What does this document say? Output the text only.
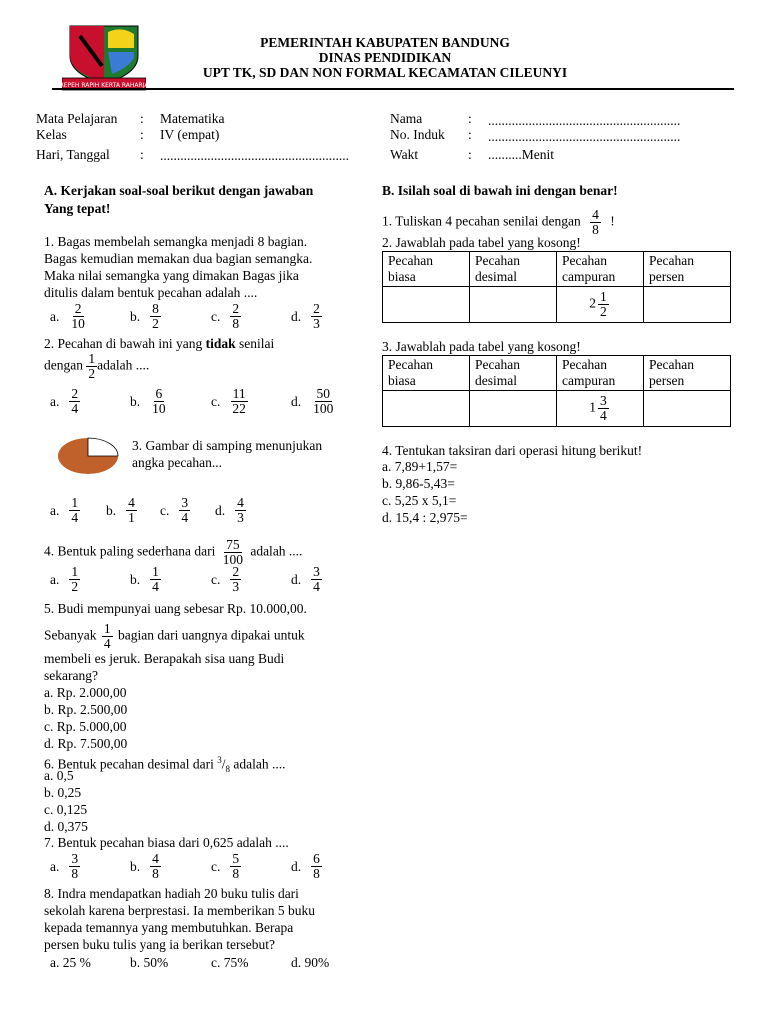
REPEH RAPIH KERTA RAHARJA
PEMERINTAH KABUPATEN BANDUNG
DINAS PENDIDIKAN
UPT TK, SD DAN NON FORMAL KECAMATAN CILEUNYI
Mata Pelajaran : Matematika
Kelas	: IV (empat)
Hari, Tanggal : ........................................................
Nama	: .........................................................
No. Induk : .........................................................
Wakt	: ..........Menit
A. Kerjakan soal-soal berikut dengan jawaban
Yang tepat!
1. Bagas membelah semangka menjadi 8 bagian.
Bagas kemudian memakan dua bagian semangka.
Maka nilai semangka yang dimakan Bagas jika
ditulis dalam bentuk pecahan adalah ....
a. $\frac{2}{10}$	b. $\frac{8}{2}$	c. $\frac{2}{8}$	d. $\frac{2}{3}$
2. Pecahan di bawah ini yang tidak senilai
dengan $\frac{1}{2}$ adalah ....
a. $\frac{2}{4}$	b. $\frac{6}{10}$	c. $\frac{11}{22}$	d. $\frac{50}{100}$
3. Gambar di samping menunjukan
angka pecahan...
a. $\frac{1}{4} b$. $\frac{4}{1} c$. $\frac{3}{4} d$. $\frac{4}{3}$
4. Bentuk paling sederhana dari $\frac{75}{100}$ adalah ....
a. $\frac{1}{2}$	b. $\frac{1}{4}$	c. $\frac{2}{3}$	d. $\frac{3}{4}$
5. Budi mempunyai uang sebesar Rp. 10.000,00.
Sebanyak $\frac{1}{4}$ bagian dari uangnya dipakai untuk
membeli es jeruk. Berapakah sisa uang Budi
sekarang?
a. Rp. 2.000,00
b. Rp. 2.500,00
c. Rp. 5.000,00
d. Rp. 7.500,00
6. Bentuk pecahan desimal dari $^3/_8$ adalah ....
a. 0,5
b. 0,25
c. 0,125
d. 0,375
7. Bentuk pecahan biasa dari 0,625 adalah ....
a. $\frac{3}{8}$	b. $\frac{4}{8}$	c. $\frac{5}{8}$	d. $\frac{6}{8}$
8. Indra mendapatkan hadiah 20 buku tulis dari
sekolah karena berprestasi. Ia memberikan 5 buku
kepada temannya yang membutuhkan. Berapa
persen buku tulis yang ia berikan tersebut?
a. 25 %	b. 50%	c. 75%	d. 90%
B. Isilah soal di bawah ini dengan benar!
1. Tuliskan 4 pecahan senilai dengan $\frac{4}{8}$ !
2. Jawablah pada tabel yang kosong!
Pecahan
biasa	Pecahan
desimal	Pecahan
campuran	Pecahan
persen
		$2 \frac{1}{2}$

3. Jawablah pada tabel yang kosong!
Pecahan
biasa	Pecahan
desimal	Pecahan
campuran	Pecahan
persen
		$1 \frac{3}{4}$

4. Tentukan taksiran dari operasi hitung berikut!
a. 7,89+1,57=
b. 9,86-5,43=
c. 5,25 x 5,1=
d. 15,4 : 2,975=
